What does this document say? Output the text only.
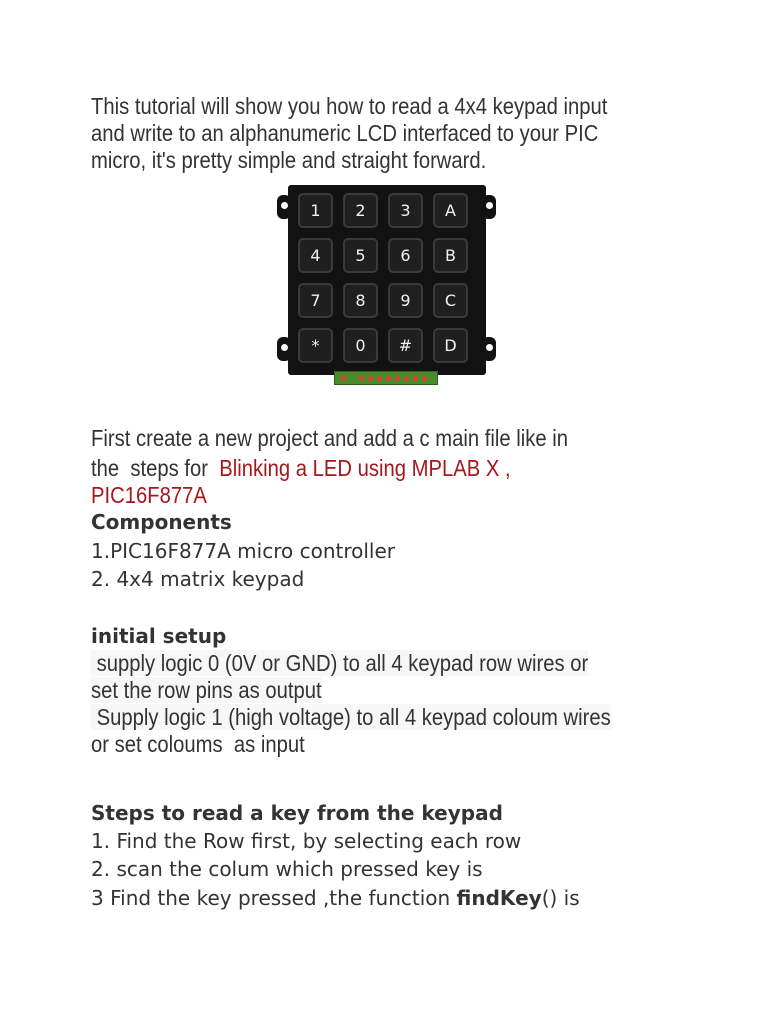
This tutorial will show you how to read a 4x4 keypad input
and write to an alphanumeric LCD interfaced to your PIC
micro, it's pretty simple and straight forward.
1	2	3	A
4	5	6	B
7	8	9	C
*	0	#	D
First create a new project and add a c main file like in
the  steps for  Blinking a LED using MPLAB X ,
PIC16F877A
Components
1.PIC16F877A micro controller
2. 4x4 matrix keypad
initial setup
supply logic 0 (0V or GND) to all 4 keypad row wires or
set the row pins as output
Supply logic 1 (high voltage) to all 4 keypad coloum wires
or set coloums  as input
Steps to read a key from the keypad
1. Find the Row first, by selecting each row
2. scan the colum which pressed key is
3 Find the key pressed ,the function findKey() is
